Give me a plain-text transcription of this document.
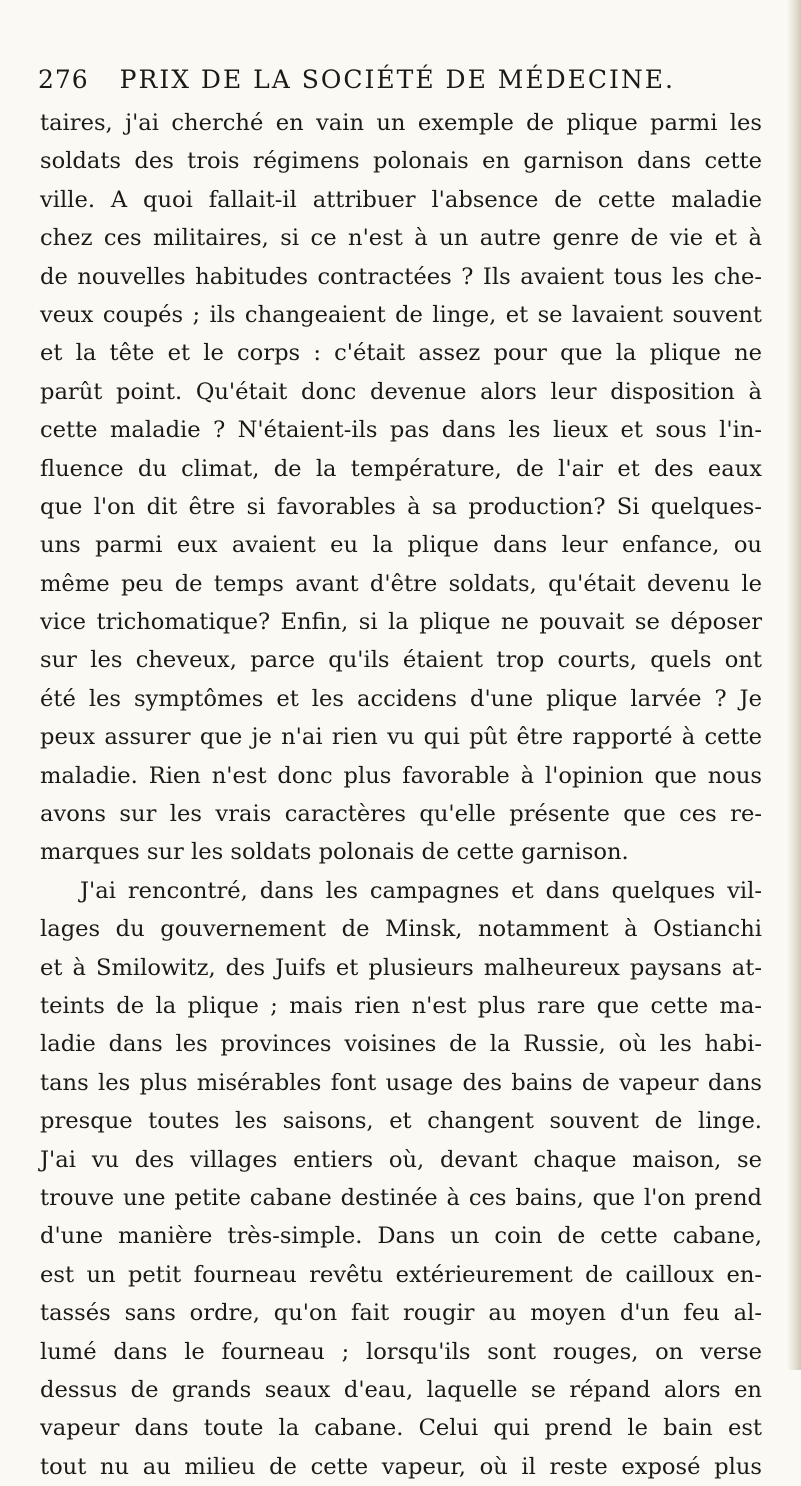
276 PRIX DE LA SOCIÉTÉ DE MÉDECINE.
taires, j'ai cherché en vain un exemple de plique parmi les
soldats des trois régimens polonais en garnison dans cette
ville. A quoi fallait-il attribuer l'absence de cette maladie
chez ces militaires, si ce n'est à un autre genre de vie et à
de nouvelles habitudes contractées ? Ils avaient tous les che-
veux coupés ; ils changeaient de linge, et se lavaient souvent
et la tête et le corps : c'était assez pour que la plique ne
parût point. Qu'était donc devenue alors leur disposition à
cette maladie ? N'étaient-ils pas dans les lieux et sous l'in-
fluence du climat, de la température, de l'air et des eaux
que l'on dit être si favorables à sa production? Si quelques-
uns parmi eux avaient eu la plique dans leur enfance, ou
même peu de temps avant d'être soldats, qu'était devenu le
vice trichomatique? Enfin, si la plique ne pouvait se déposer
sur les cheveux, parce qu'ils étaient trop courts, quels ont
été les symptômes et les accidens d'une plique larvée ? Je
peux assurer que je n'ai rien vu qui pût être rapporté à cette
maladie. Rien n'est donc plus favorable à l'opinion que nous
avons sur les vrais caractères qu'elle présente que ces re-
marques sur les soldats polonais de cette garnison.
J'ai rencontré, dans les campagnes et dans quelques vil-
lages du gouvernement de Minsk, notamment à Ostianchi
et à Smilowitz, des Juifs et plusieurs malheureux paysans at-
teints de la plique ; mais rien n'est plus rare que cette ma-
ladie dans les provinces voisines de la Russie, où les habi-
tans les plus misérables font usage des bains de vapeur dans
presque toutes les saisons, et changent souvent de linge.
J'ai vu des villages entiers où, devant chaque maison, se
trouve une petite cabane destinée à ces bains, que l'on prend
d'une manière très-simple. Dans un coin de cette cabane,
est un petit fourneau revêtu extérieurement de cailloux en-
tassés sans ordre, qu'on fait rougir au moyen d'un feu al-
lumé dans le fourneau ; lorsqu'ils sont rouges, on verse
dessus de grands seaux d'eau, laquelle se répand alors en
vapeur dans toute la cabane. Celui qui prend le bain est
tout nu au milieu de cette vapeur, où il reste exposé plus
